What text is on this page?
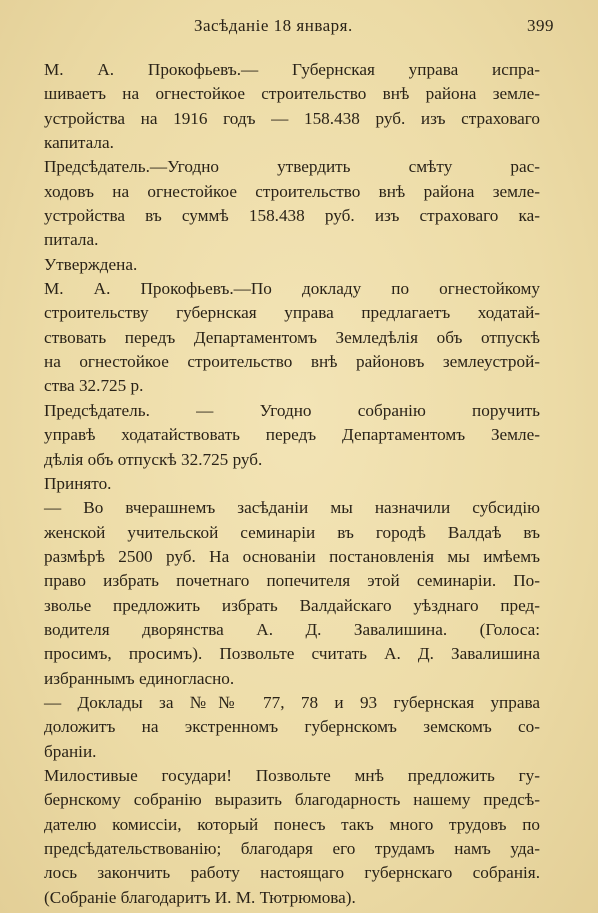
Засѣданіе 18 января.	399
М. А. Прокофьевъ.— Губернская управа испра-
шиваетъ на огнестойкое строительство внѣ района земле-
устройства на 1916 годъ — 158.438 руб. изъ страховаго
капитала.
Предсѣдатель.—Угодно утвердить смѣту рас-
ходовъ на огнестойкое строительство внѣ района земле-
устройства въ суммѣ 158.438 руб. изъ страховаго ка-
питала.
Утверждена.
М. А. Прокофьевъ.—По докладу по огнестойкому
строительству губернская управа предлагаетъ ходатай-
ствовать передъ Департаментомъ Земледѣлія объ отпускѣ
на огнестойкое строительство внѣ районовъ землеустрой-
ства 32.725 р.
Предсѣдатель. — Угодно собранію поручить
управѣ ходатайствовать передъ Департаментомъ Земле-
дѣлія объ отпускѣ 32.725 руб.
Принято.
— Во вчерашнемъ засѣданіи мы назначили субсидію
женской учительской семинаріи въ городѣ Валдаѣ въ
размѣрѣ 2500 руб. На основаніи постановленія мы имѣемъ
право избрать почетнаго попечителя этой семинаріи. По-
зволье предложить избрать Валдайскаго уѣзднаго пред-
водителя дворянства А. Д. Завалишина. (Голоса:
просимъ, просимъ). Позвольте считать А. Д. Завалишина
избраннымъ единогласно.
— Доклады за №№ 77, 78 и 93 губернская управа
доложитъ на экстренномъ губернскомъ земскомъ со-
браніи.
Милостивые государи! Позвольте мнѣ предложить гу-
бернскому собранію выразить благодарность нашему предсѣ-
дателю комиссіи, который понесъ такъ много трудовъ по
предсѣдательствованію; благодаря его трудамъ намъ уда-
лось закончить работу настоящаго губернскаго собранія.
(Собраніе благодаритъ И. М. Тютрюмова).
